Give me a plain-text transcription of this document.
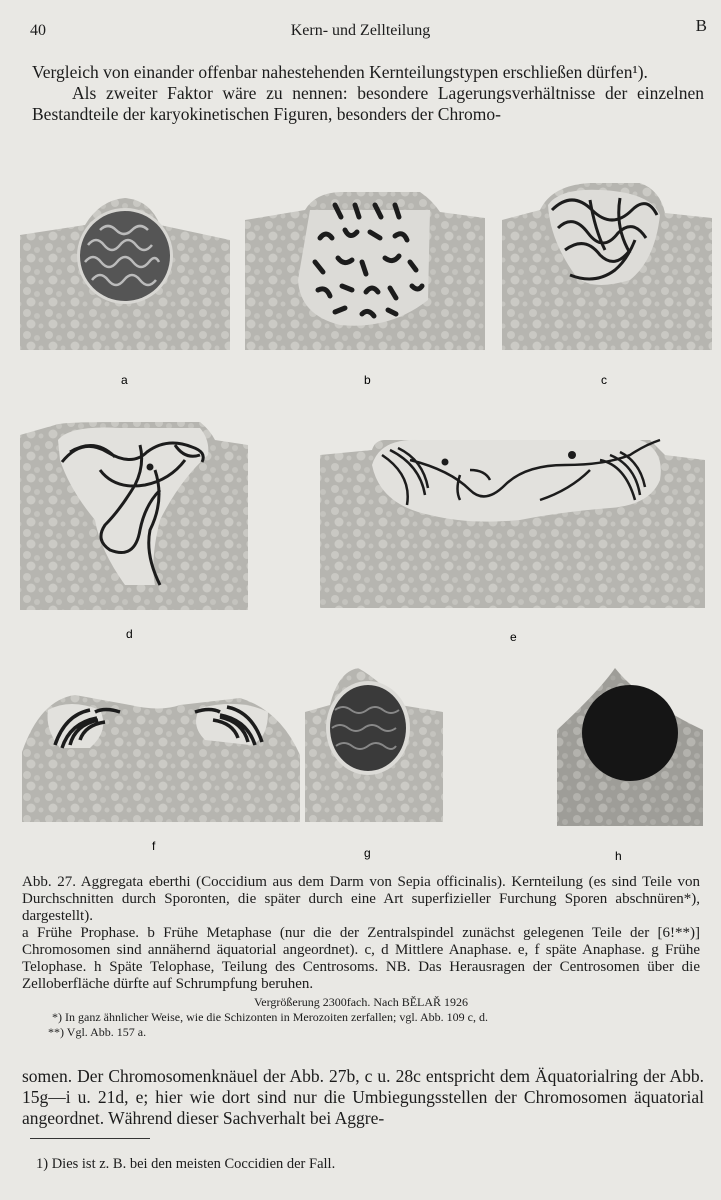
40	Kern- und Zellteilung	B

Vergleich von einander offenbar nahestehenden Kernteilungstypen erschließen dürfen¹).

Als zweiter Faktor wäre zu nennen: besondere Lagerungsverhältnisse der einzelnen Bestandteile der karyokinetischen Figuren, besonders der Chromo-

a	b	c
d	e
f	g	h

Abb. 27. Aggregata eberthi (Coccidium aus dem Darm von Sepia officinalis). Kernteilung (es sind Teile von Durchschnitten durch Sporonten, die später durch eine Art superfizieller Furchung Sporen abschnüren*), dargestellt).

a Frühe Prophase. b Frühe Metaphase (nur die der Zentralspindel zunächst gelegenen Teile der [6!**)] Chromosomen sind annähernd äquatorial angeordnet). c, d Mittlere Anaphase. e, f späte Anaphase. g Frühe Telophase. h Späte Telophase, Teilung des Centrosoms. NB. Das Herausragen der Centrosomen über die Zelloberfläche dürfte auf Schrumpfung beruhen.

Vergrößerung 2300fach. Nach BĚLAŘ 1926

*) In ganz ähnlicher Weise, wie die Schizonten in Merozoiten zerfallen; vgl. Abb. 109 c, d.

**) Vgl. Abb. 157 a.

somen. Der Chromosomenknäuel der Abb. 27b, c u. 28c entspricht dem Äquatorialring der Abb. 15g—i u. 21d, e; hier wie dort sind nur die Umbiegungsstellen der Chromosomen äquatorial angeordnet. Während dieser Sachverhalt bei Aggre-

1) Dies ist z. B. bei den meisten Coccidien der Fall.
